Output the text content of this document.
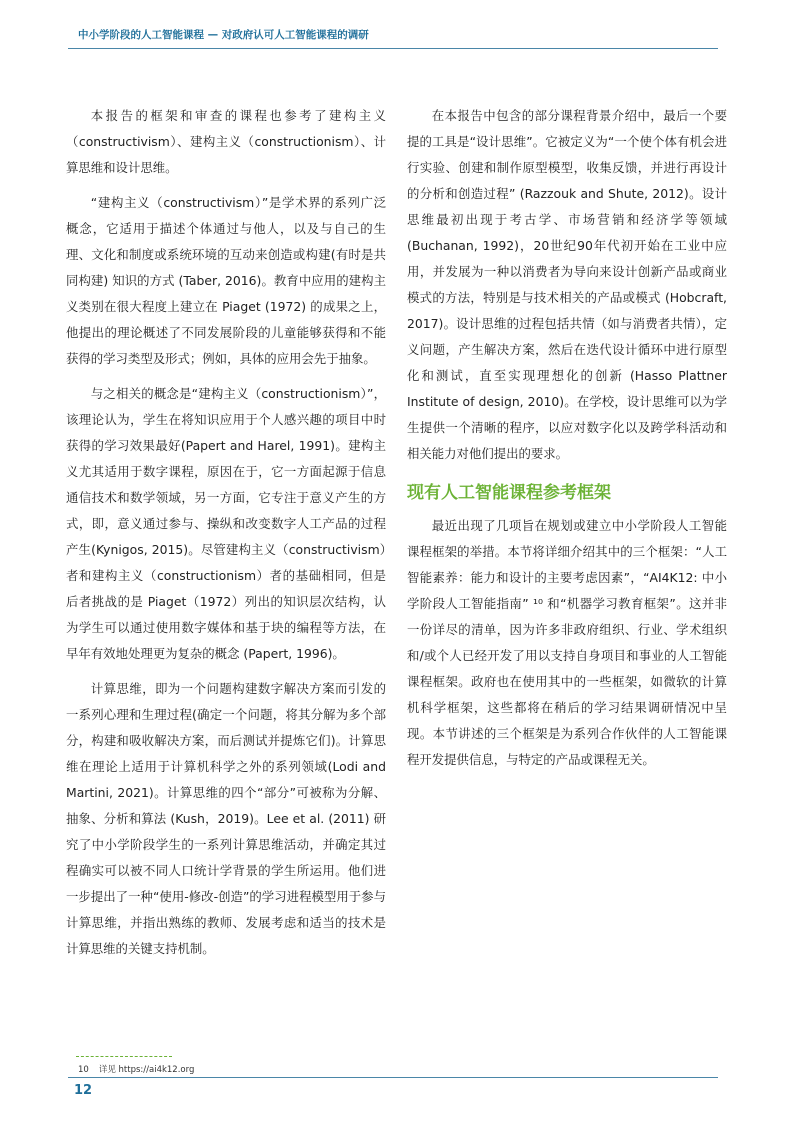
中小学阶段的人工智能课程 — 对政府认可人工智能课程的调研

本报告的框架和审查的课程也参考了建构主义（constructivism）、建构主义（constructionism）、计算思维和设计思维。

“建构主义（constructivism）”是学术界的系列广泛概念，它适用于描述个体通过与他人，以及与自己的生理、文化和制度或系统环境的互动来创造或构建(有时是共同构建) 知识的方式 (Taber, 2016)。教育中应用的建构主义类别在很大程度上建立在 Piaget (1972) 的成果之上，他提出的理论概述了不同发展阶段的儿童能够获得和不能获得的学习类型及形式；例如，具体的应用会先于抽象。

与之相关的概念是“建构主义（constructionism）”，该理论认为，学生在将知识应用于个人感兴趣的项目中时获得的学习效果最好(Papert and Harel, 1991)。建构主义尤其适用于数字课程，原因在于，它一方面起源于信息通信技术和数学领域，另一方面，它专注于意义产生的方式，即，意义通过参与、操纵和改变数字人工产品的过程产生(Kynigos, 2015)。尽管建构主义（constructivism）者和建构主义（constructionism）者的基础相同，但是后者挑战的是 Piaget（1972）列出的知识层次结构，认为学生可以通过使用数字媒体和基于块的编程等方法，在早年有效地处理更为复杂的概念 (Papert, 1996)。

计算思维，即为一个问题构建数字解决方案而引发的一系列心理和生理过程(确定一个问题，将其分解为多个部分，构建和吸收解决方案，而后测试并提炼它们)。计算思维在理论上适用于计算机科学之外的系列领域(Lodi and Martini, 2021)。计算思维的四个“部分”可被称为分解、抽象、分析和算法 (Kush，2019)。Lee et al. (2011) 研究了中小学阶段学生的一系列计算思维活动，并确定其过程确实可以被不同人口统计学背景的学生所运用。他们进一步提出了一种“使用-修改-创造”的学习进程模型用于参与计算思维，并指出熟练的教师、发展考虑和适当的技术是计算思维的关键支持机制。

在本报告中包含的部分课程背景介绍中，最后一个要提的工具是“设计思维”。它被定义为“一个使个体有机会进行实验、创建和制作原型模型，收集反馈，并进行再设计的分析和创造过程” (Razzouk and Shute, 2012)。设计思维最初出现于考古学、市场营销和经济学等领域 (Buchanan, 1992)，20世纪90年代初开始在工业中应用，并发展为一种以消费者为导向来设计创新产品或商业模式的方法，特别是与技术相关的产品或模式 (Hobcraft, 2017)。设计思维的过程包括共情（如与消费者共情），定义问题，产生解决方案，然后在迭代设计循环中进行原型化和测试，直至实现理想化的创新 (Hasso Plattner Institute of design, 2010)。在学校，设计思维可以为学生提供一个清晰的程序，以应对数字化以及跨学科活动和相关能力对他们提出的要求。

现有人工智能课程参考框架

最近出现了几项旨在规划或建立中小学阶段人工智能课程框架的举措。本节将详细介绍其中的三个框架：“人工智能素养：能力和设计的主要考虑因素”，“AI4K12: 中小学阶段人工智能指南” ¹⁰ 和“机器学习教育框架”。这并非一份详尽的清单，因为许多非政府组织、行业、学术组织和/或个人已经开发了用以支持自身项目和事业的人工智能课程框架。政府也在使用其中的一些框架，如微软的计算机科学框架，这些都将在稍后的学习结果调研情况中呈现。本节讲述的三个框架是为系列合作伙伴的人工智能课程开发提供信息，与特定的产品或课程无关。

10 详见 https://ai4k12.org
12
